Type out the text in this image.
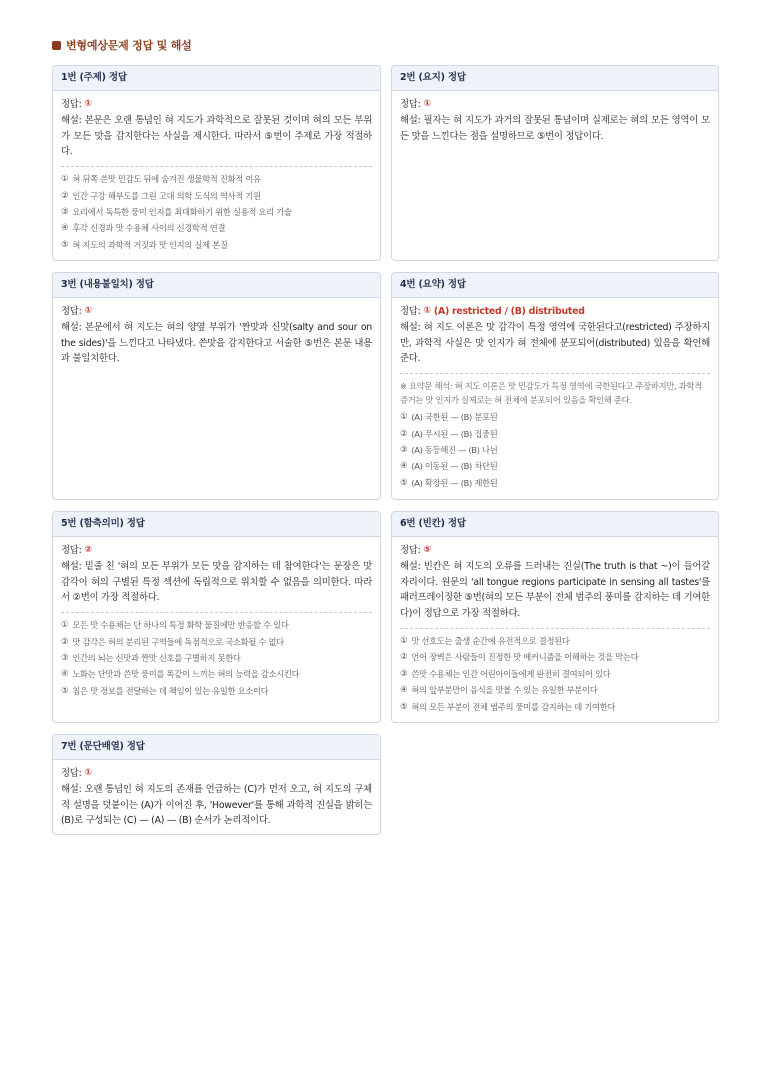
변형예상문제 정답 및 해설
1번 (주제) 정답
정답: ①
해설: 본문은 오랜 통념인 혀 지도가 과학적으로 잘못된 것이며 혀의 모든 부위가 모든 맛을 감지한다는 사실을 제시한다. 따라서 ⑤번이 주제로 가장 적절하다.
① 혀 뒤쪽 쓴맛 민감도 뒤에 숨겨진 생물학적 진화적 이유
② 인간 구강 해부도를 그린 고대 의학 도식의 역사적 기원
③ 요리에서 독특한 풍미 인지를 최대화하기 위한 실용적 요리 기술
④ 후각 신경과 맛 수용체 사이의 신경학적 연결
⑤ 혀 지도의 과학적 거짓과 맛 인지의 실제 본질
2번 (요지) 정답
정답: ①
해설: 필자는 혀 지도가 과거의 잘못된 통념이며 실제로는 혀의 모든 영역이 모든 맛을 느낀다는 점을 설명하므로 ⑤번이 정답이다.
3번 (내용불일치) 정답
정답: ①
해설: 본문에서 혀 지도는 혀의 양옆 부위가 '짠맛과 신맛(salty and sour on the sides)'을 느낀다고 나타냈다. 쓴맛을 감지한다고 서술한 ⑤번은 본문 내용과 불일치한다.
4번 (요약) 정답
정답: ① (A) restricted / (B) distributed
해설: 혀 지도 이론은 맛 감각이 특정 영역에 국한된다고(restricted) 주장하지만, 과학적 사실은 맛 인지가 혀 전체에 분포되어(distributed) 있음을 확인해준다.
※ 요약문 해석: 혀 지도 이론은 맛 민감도가 특정 영역에 국한된다고 주장하지만, 과학적 증거는 맛 인지가 실제로는 혀 전체에 분포되어 있음을 확인해 준다.
① (A) 국한된 — (B) 분포된
② (A) 무시된 — (B) 집중된
③ (A) 동등해진 — (B) 나뉜
④ (A) 이동된 — (B) 차단된
⑤ (A) 확장된 — (B) 제한된
5번 (함축의미) 정답
정답: ②
해설: 밑줄 친 '혀의 모든 부위가 모든 맛을 감지하는 데 참여한다'는 문장은 맛 감각이 혀의 구별된 특정 섹션에 독립적으로 위치할 수 없음을 의미한다. 따라서 ②번이 가장 적절하다.
① 모든 맛 수용체는 단 하나의 특정 화학 물질에만 반응할 수 있다
② 맛 감각은 혀의 분리된 구역들에 독점적으로 국소화될 수 없다
③ 인간의 뇌는 신맛과 짠맛 신호를 구별하지 못한다
④ 노화는 단맛과 쓴맛 풍미를 똑같이 느끼는 혀의 능력을 감소시킨다
⑤ 침은 맛 정보를 전달하는 데 책임이 있는 유일한 요소이다
6번 (빈칸) 정답
정답: ⑤
해설: 빈칸은 혀 지도의 오류를 드러내는 진실(The truth is that ~)이 들어갈 자리이다. 원문의 'all tongue regions participate in sensing all tastes'를 패러프레이징한 ⑤번(혀의 모든 부분이 전체 범주의 풍미를 감지하는 데 기여한다)이 정답으로 가장 적절하다.
① 맛 선호도는 출생 순간에 유전적으로 결정된다
② 언어 장벽은 사람들이 진정한 맛 메커니즘을 이해하는 것을 막는다
③ 쓴맛 수용체는 인간 어린아이들에게 완전히 결여되어 있다
④ 혀의 앞부분만이 음식을 맛볼 수 있는 유일한 부분이다
⑤ 혀의 모든 부분이 전체 범주의 풍미를 감지하는 데 기여한다
7번 (문단배열) 정답
정답: ①
해설: 오랜 통념인 혀 지도의 존재를 언급하는 (C)가 먼저 오고, 혀 지도의 구체적 설명을 덧붙이는 (A)가 이어진 후, 'However'를 통해 과학적 진실을 밝히는 (B)로 구성되는 (C) — (A) — (B) 순서가 논리적이다.
